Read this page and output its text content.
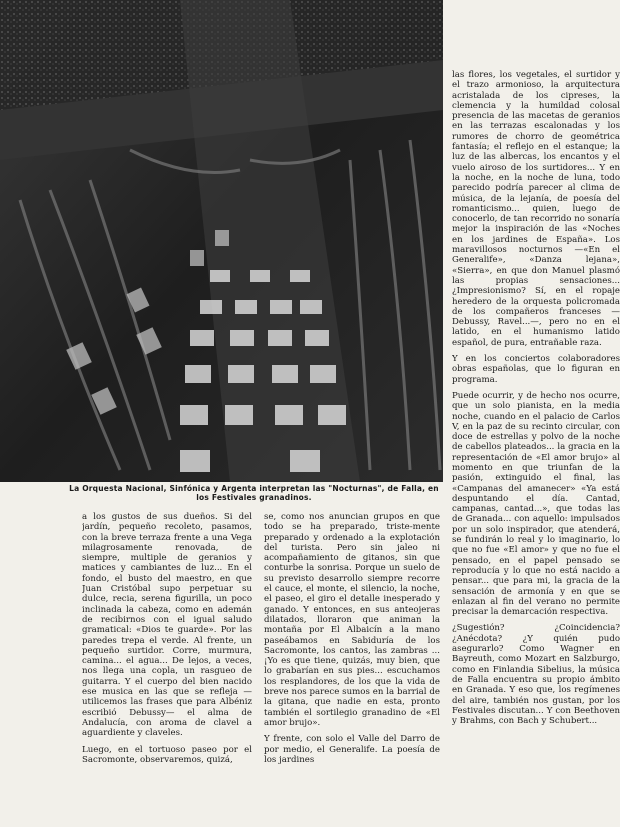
La Orquesta Nacional, Sinfónica y Argenta interpretan las "Nocturnas", de Falla, en los Festivales granadinos.

a los gustos de sus dueños. Si del jardín, pequeño recoleto, pasamos, con la breve terraza frente a una Vega milagrosamente renovada, de siempre, multiple de geranios y matices y cambiantes de luz... En el fondo, el busto del maestro, en que Juan Cristóbal supo perpetuar su dulce, recia, serena figurilla, un poco inclinada la cabeza, como en ademán de recibirnos con el igual saludo gramatical: «Dios te guarde». Por las paredes trepa el verde. Al frente, un pequeño surtidor. Corre, murmura, camina... el agua... De lejos, a veces, nos llega una copla, un rasgueo de guitarra. Y el cuerpo del bien nacido ese musica en las que se refleja —utilicemos las frases que para Albéniz escribió Debussy— el alma de Andalucía, con aroma de clavel a aguardiente y claveles.

Luego, en el tortuoso paseo por el Sacromonte, observaremos, quizá,

se, como nos anuncian grupos en que todo se ha preparado, triste-mente preparado y ordenado a la explotación del turista. Pero sin jaleo ni acompañamiento de gitanos, sin que conturbe la sonrisa. Porque un suelo de su previsto desarrollo siempre recorre el cauce, el monte, el silencio, la noche, el paseo, el giro el detalle inesperado y ganado. Y entonces, en sus anteojeras dilatados, lloraron que animan la montaña por El Albaicín a la mano paseábamos en Sabiduría de los Sacromonte, los cantos, las zambras ... ¡Yo es que tiene, quizás, muy bien, que lo grabarían en sus pies... escuchamos los resplandores, de los que la vida de breve nos parece sumos en la barrial de la gitana, que nadie en esta, pronto también el sortilegio granadino de «El amor brujo».

Y frente, con solo el Valle del Darro de por medio, el Generalife. La poesía de los jardines

las flores, los vegetales, el surtidor y el trazo armonioso, la arquitectura acristalada de los cipreses, la clemencia y la humildad colosal presencia de las macetas de geranios en las terrazas escalonadas y los rumores de chorro de geométrica fantasía; el reflejo en el estanque; la luz de las albercas, los encantos y el vuelo airoso de los surtidores... Y en la noche, en la noche de luna, todo parecido podría parecer al clima de música, de la lejanía, de poesía del romanticismo... quien, luego de conocerlo, de tan recorrido no sonaría mejor la inspiración de las «Noches en los jardines de España». Los maravillosos nocturnos —«En el Generalife», «Danza lejana», «Sierra», en que don Manuel plasmó las propias sensaciones... ¿Impresionismo? Sí, en el ropaje heredero de la orquesta policromada de los compañeros franceses —Debussy, Ravel...—, pero no en el latido, en el humanismo latido español, de pura, entrañable raza.

Y en los conciertos colaboradores obras españolas, que lo figuran en programa.

Puede ocurrir, y de hecho nos ocurre, que un solo pianista, en la media noche, cuando en el palacio de Carlos V, en la paz de su recinto circular, con doce de estrellas y polvo de la noche de cabellos plateados... la gracia en la representación de «El amor brujo» al momento en que triunfan de la pasión, extinguido el final, las «Campanas del amanecer» «Ya está despuntando el día. Cantad, campanas, cantad...», que todas las de Granada... con aquello: impulsados por un solo inspirador, que atenderá, se fundirán lo real y lo imaginario, lo que no fue «El amor» y que no fue el pensado, en el papel pensado se reproducía y lo que no está nacido a pensar... que para mi, la gracia de la sensación de armonía y en que se enlazan al fin del verano no permite precisar la demarcación respectiva.

¿Sugestión? ¿Coincidencia? ¿Anécdota? ¿Y quién pudo asegurarlo? Como Wagner en Bayreuth, como Mozart en Salzburgo, como en Finlandia Sibelius, la música de Falla encuentra su propio ámbito en Granada. Y eso que, los regímenes del aire, también nos gustan, por los Festivales discutan... Y con Beethoven y Brahms, con Bach y Schubert...
